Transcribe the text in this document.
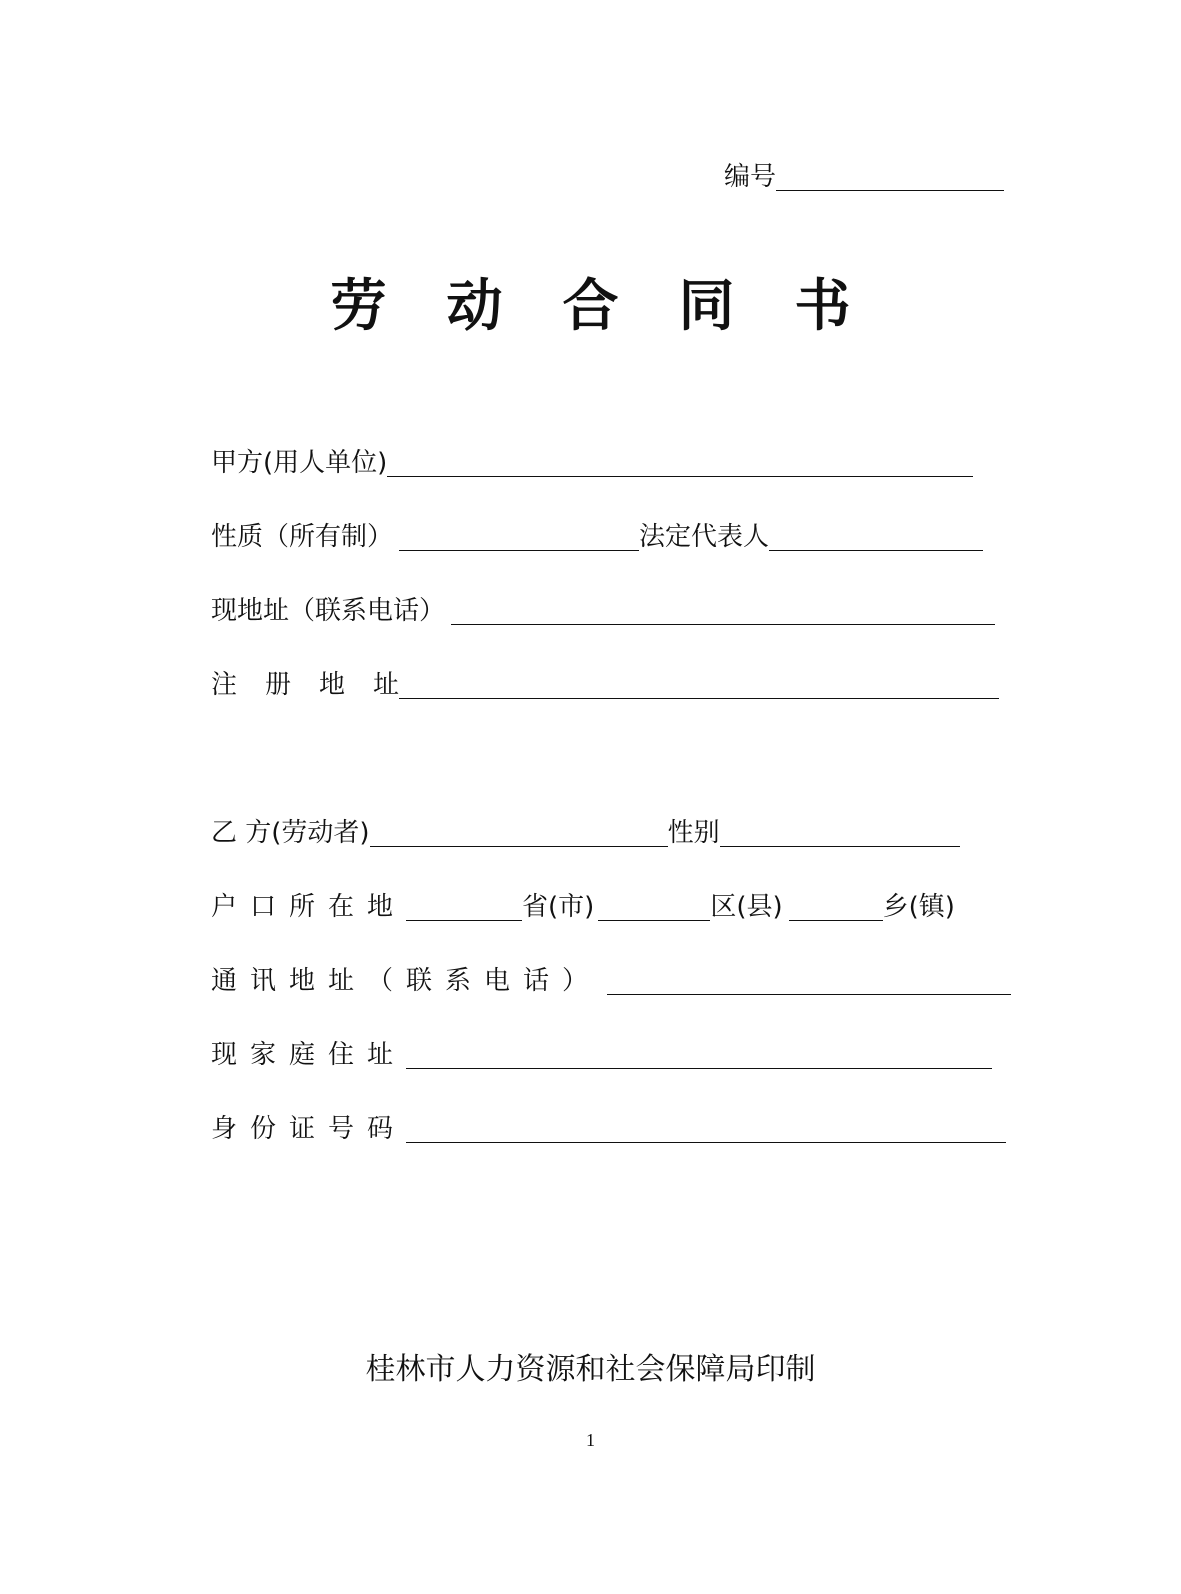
编号
劳动合同书
甲方(用人单位)
性质（所有制）	法定代表人
现地址（联系电话）
注册地址
乙 方(劳动者)	性别
户口所在地	省(市)	区(县)	乡(镇)
通讯地址（联系电话）
现家庭住址
身份证号码
桂林市人力资源和社会保障局印制
1
